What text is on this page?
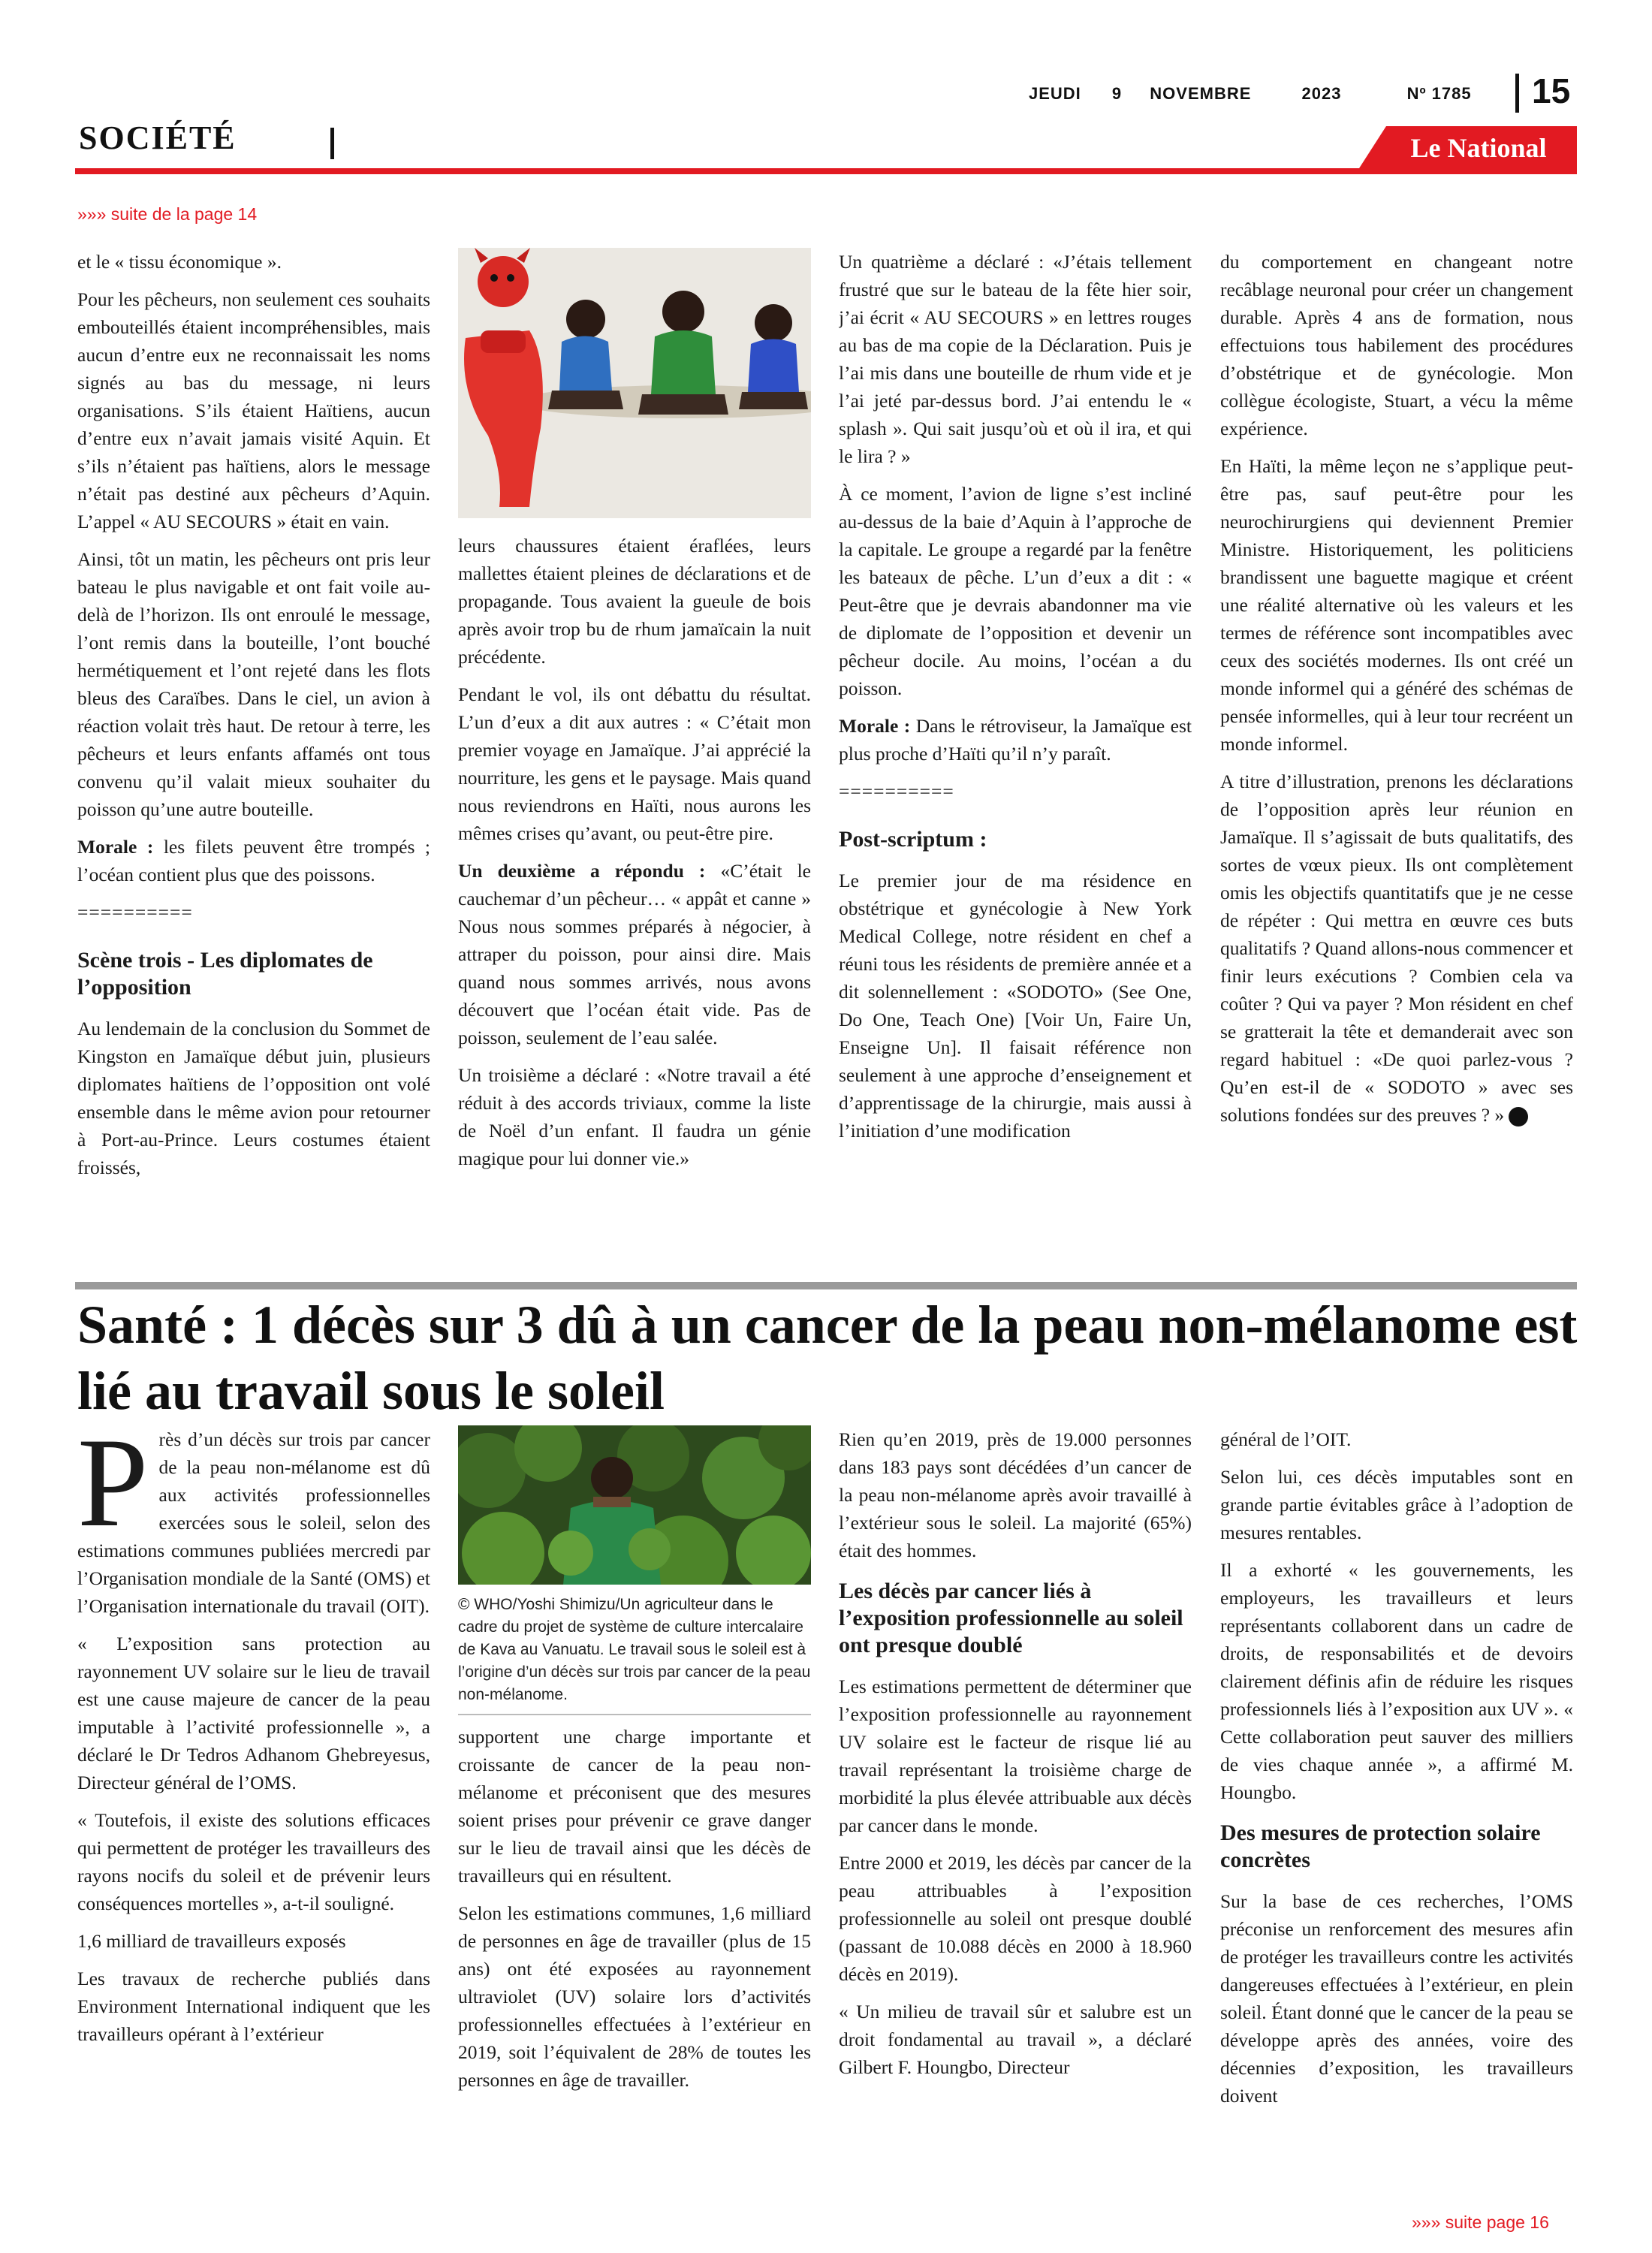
JEUDI 9 NOVEMBRE	2023	Nº 1785	15
SOCIÉTÉ	Le National
»»» suite de la page 14

et le « tissu économique ».

Pour les pêcheurs, non seulement ces souhaits embouteillés étaient incompréhensibles, mais aucun d’entre eux ne reconnaissait les noms signés au bas du message, ni leurs organisations. S’ils étaient Haïtiens, aucun d’entre eux n’avait jamais visité Aquin. Et s’ils n’étaient pas haïtiens, alors le message n’était pas destiné aux pêcheurs d’Aquin. L’appel « AU SECOURS » était en vain.

Ainsi, tôt un matin, les pêcheurs ont pris leur bateau le plus navigable et ont fait voile au-delà de l’horizon. Ils ont enroulé le message, l’ont remis dans la bouteille, l’ont bouché hermétiquement et l’ont rejeté dans les flots bleus des Caraïbes. Dans le ciel, un avion à réaction volait très haut. De retour à terre, les pêcheurs et leurs enfants affamés ont tous convenu qu’il valait mieux souhaiter du poisson qu’une autre bouteille.

Morale : les filets peuvent être trompés ; l’océan contient plus que des poissons.

==========
Scène trois - Les diplomates de l’opposition

Au lendemain de la conclusion du Sommet de Kingston en Jamaïque début juin, plusieurs diplomates haïtiens de l’opposition ont volé ensemble dans le même avion pour retourner à Port-au-Prince. Leurs costumes étaient froissés,

leurs chaussures étaient éraflées, leurs mallettes étaient pleines de déclarations et de propagande. Tous avaient la gueule de bois après avoir trop bu de rhum jamaïcain la nuit précédente.

Pendant le vol, ils ont débattu du résultat. L’un d’eux a dit aux autres : « C’était mon premier voyage en Jamaïque. J’ai apprécié la nourriture, les gens et le paysage. Mais quand nous reviendrons en Haïti, nous aurons les mêmes crises qu’avant, ou peut-être pire.

Un deuxième a répondu : «C’était le cauchemar d’un pêcheur… « appât et canne » Nous nous sommes préparés à négocier, à attraper du poisson, pour ainsi dire. Mais quand nous sommes arrivés, nous avons découvert que l’océan était vide. Pas de poisson, seulement de l’eau salée.

Un troisième a déclaré : «Notre travail a été réduit à des accords triviaux, comme la liste de Noël d’un enfant. Il faudra un génie magique pour lui donner vie.»

Un quatrième a déclaré : «J’étais tellement frustré que sur le bateau de la fête hier soir, j’ai écrit « AU SECOURS » en lettres rouges au bas de ma copie de la Déclaration. Puis je l’ai mis dans une bouteille de rhum vide et je l’ai jeté par-dessus bord. J’ai entendu le « splash ». Qui sait jusqu’où et où il ira, et qui le lira ? »

À ce moment, l’avion de ligne s’est incliné au-dessus de la baie d’Aquin à l’approche de la capitale. Le groupe a regardé par la fenêtre les bateaux de pêche. L’un d’eux a dit : « Peut-être que je devrais abandonner ma vie de diplomate de l’opposition et devenir un pêcheur docile. Au moins, l’océan a du poisson.

Morale : Dans le rétroviseur, la Jamaïque est plus proche d’Haïti qu’il n’y paraît.

==========
Post-scriptum :

Le premier jour de ma résidence en obstétrique et gynécologie à New York Medical College, notre résident en chef a réuni tous les résidents de première année et a dit solennellement : «SODOTO» (See One, Do One, Teach One) [Voir Un, Faire Un, Enseigne Un]. Il faisait référence non seulement à une approche d’enseignement et d’apprentissage de la chirurgie, mais aussi à l’initiation d’une modification

du comportement en changeant notre recâblage neuronal pour créer un changement durable. Après 4 ans de formation, nous effectuions tous habilement des procédures d’obstétrique et de gynécologie. Mon collègue écologiste, Stuart, a vécu la même expérience.

En Haïti, la même leçon ne s’applique peut-être pas, sauf peut-être pour les neurochirurgiens qui deviennent Premier Ministre. Historiquement, les politiciens brandissent une baguette magique et créent une réalité alternative où les valeurs et les termes de référence sont incompatibles avec ceux des sociétés modernes. Ils ont créé un monde informel qui a généré des schémas de pensée informelles, qui à leur tour recréent un monde informel.

A titre d’illustration, prenons les déclarations de l’opposition après leur réunion en Jamaïque. Il s’agissait de buts qualitatifs, des sortes de vœux pieux. Ils ont complètement omis les objectifs quantitatifs que je ne cesse de répéter : Qui mettra en œuvre ces buts qualitatifs ? Quand allons-nous commencer et finir leurs exécutions ? Combien cela va coûter ? Qui va payer ? Mon résident en chef se gratterait la tête et demanderait avec son regard habituel : «De quoi parlez-vous ? Qu’en est-il de « SODOTO » avec ses solutions fondées sur des preuves ? »

Santé : 1 décès sur 3 dû à un cancer de la peau non-mélanome est lié au travail sous le soleil

Près d’un décès sur trois par cancer de la peau non-mélanome est dû aux activités professionnelles exercées sous le soleil, selon des estimations communes publiées mercredi par l’Organisation mondiale de la Santé (OMS) et l’Organisation internationale du travail (OIT).

« L’exposition sans protection au rayonnement UV solaire sur le lieu de travail est une cause majeure de cancer de la peau imputable à l’activité professionnelle », a déclaré le Dr Tedros Adhanom Ghebreyesus, Directeur général de l’OMS.

« Toutefois, il existe des solutions efficaces qui permettent de protéger les travailleurs des rayons nocifs du soleil et de prévenir leurs conséquences mortelles », a-t-il souligné.

1,6 milliard de travailleurs exposés

Les travaux de recherche publiés dans Environment International indiquent que les travailleurs opérant à l’extérieur

© WHO/Yoshi Shimizu/Un agriculteur dans le cadre du projet de système de culture intercalaire de Kava au Vanuatu. Le travail sous le soleil est à l’origine d’un décès sur trois par cancer de la peau non-mélanome.

supportent une charge importante et croissante de cancer de la peau non-mélanome et préconisent que des mesures soient prises pour prévenir ce grave danger sur le lieu de travail ainsi que les décès de travailleurs qui en résultent.

Selon les estimations communes, 1,6 milliard de personnes en âge de travailler (plus de 15 ans) ont été exposées au rayonnement ultraviolet (UV) solaire lors d’activités professionnelles effectuées à l’extérieur en 2019, soit l’équivalent de 28% de toutes les personnes en âge de travailler.

Rien qu’en 2019, près de 19.000 personnes dans 183 pays sont décédées d’un cancer de la peau non-mélanome après avoir travaillé à l’extérieur sous le soleil. La majorité (65%) était des hommes.

Les décès par cancer liés à l’exposition professionnelle au soleil ont presque doublé

Les estimations permettent de déterminer que l’exposition professionnelle au rayonnement UV solaire est le facteur de risque lié au travail représentant la troisième charge de morbidité la plus élevée attribuable aux décès par cancer dans le monde.

Entre 2000 et 2019, les décès par cancer de la peau attribuables à l’exposition professionnelle au soleil ont presque doublé (passant de 10.088 décès en 2000 à 18.960 décès en 2019).

« Un milieu de travail sûr et salubre est un droit fondamental au travail », a déclaré Gilbert F. Houngbo, Directeur

général de l’OIT.

Selon lui, ces décès imputables sont en grande partie évitables grâce à l’adoption de mesures rentables.

Il a exhorté « les gouvernements, les employeurs, les travailleurs et leurs représentants collaborent dans un cadre de droits, de responsabilités et de devoirs clairement définis afin de réduire les risques professionnels liés à l’exposition aux UV ». « Cette collaboration peut sauver des milliers de vies chaque année », a affirmé M. Houngbo.

Des mesures de protection solaire concrètes

Sur la base de ces recherches, l’OMS préconise un renforcement des mesures afin de protéger les travailleurs contre les activités dangereuses effectuées à l’extérieur, en plein soleil. Étant donné que le cancer de la peau se développe après des années, voire des décennies d’exposition, les travailleurs doivent

»»» suite page 16
